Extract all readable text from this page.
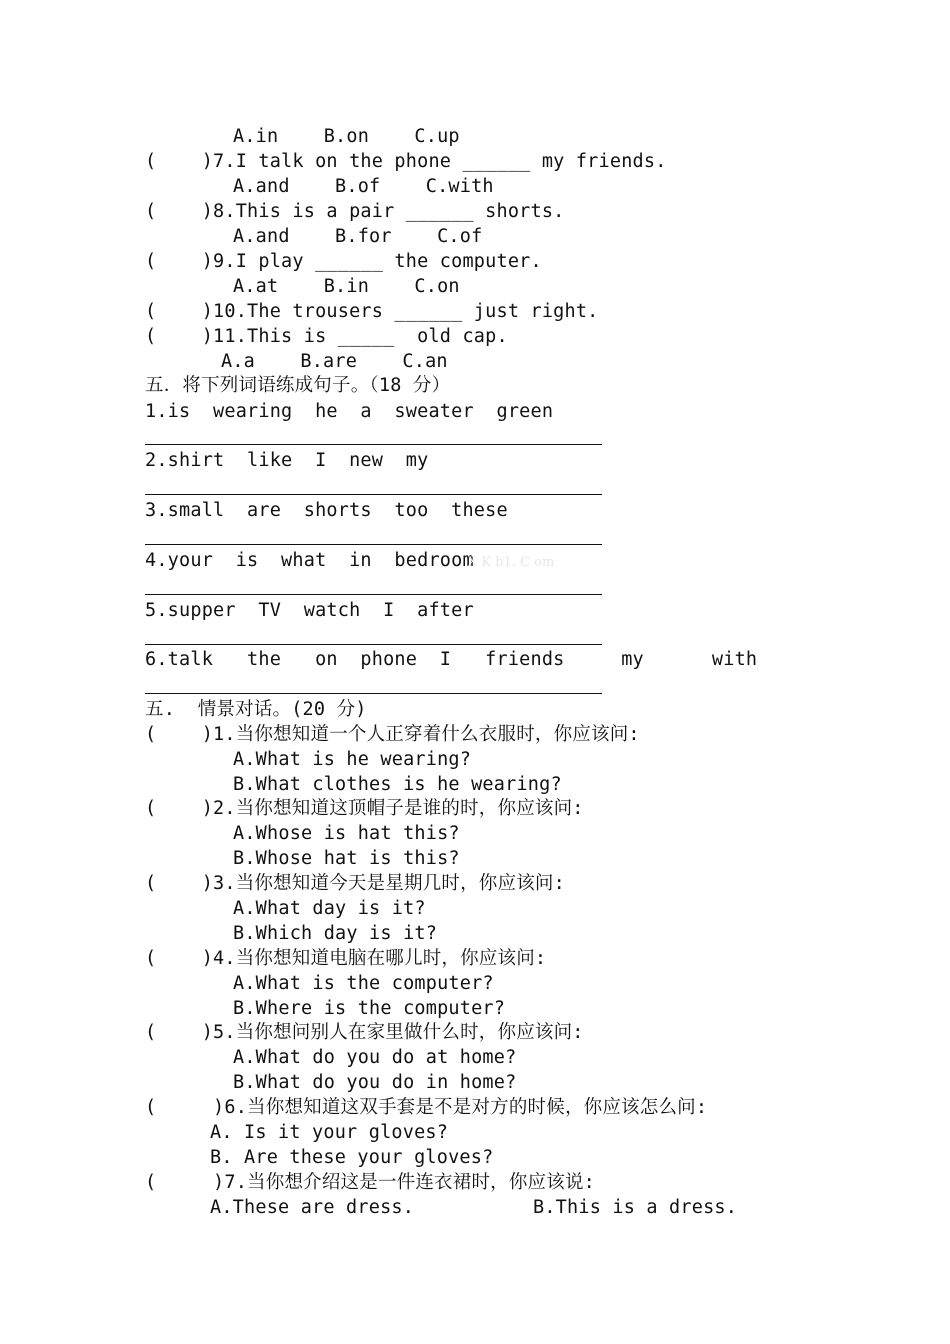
A.in    B.on    C.up
(    )7.I talk on the phone ______ my friends.
A.and    B.of    C.with
(    )8.This is a pair ______ shorts.
A.and    B.for    C.of
(    )9.I play ______ the computer.
A.at    B.in    C.on
(    )10.The trousers ______ just right.
(    )11.This is _____  old cap.
A.a    B.are    C.an
五．将下列词语练成句子。（18 分）
1.is  wearing  he  a  sweater  green
2.shirt  like  I  new  my
3.small  are  shorts  too  these
4.your  is  what  in  bedroom
X K b1. C om
5.supper  TV  watch  I  after
6.talk   the   on  phone  I   friends     my      with
五.  情景对话。(20 分)
(    )1.当你想知道一个人正穿着什么衣服时，你应该问:
A.What is he wearing?
B.What clothes is he wearing?
(    )2.当你想知道这顶帽子是谁的时，你应该问:
A.Whose is hat this?
B.Whose hat is this?
(    )3.当你想知道今天是星期几时，你应该问:
A.What day is it?
B.Which day is it?
(    )4.当你想知道电脑在哪儿时，你应该问:
A.What is the computer?
B.Where is the computer?
(    )5.当你想问别人在家里做什么时，你应该问:
A.What do you do at home?
B.What do you do in home?
(     )6.当你想知道这双手套是不是对方的时候，你应该怎么问:
A. Is it your gloves?
B. Are these your gloves?
(     )7.当你想介绍这是一件连衣裙时，你应该说:
A.These are dress.	B.This is a dress.
